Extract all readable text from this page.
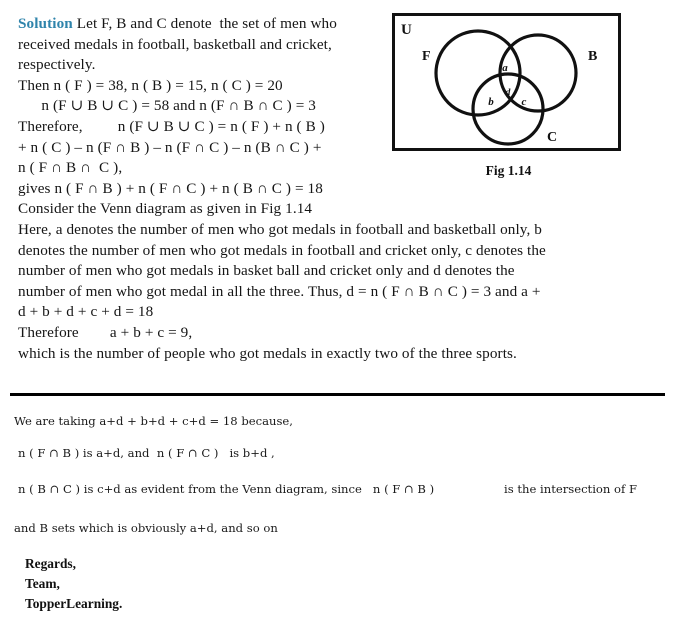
Solution Let F, B and C denote  the set of men who
received medals in football, basketball and cricket,
respectively.
Then n ( F ) = 38, n ( B ) = 15, n ( C ) = 20
n (F ∪ B ∪ C ) = 58 and n (F ∩ B ∩ C ) = 3
Therefore,         n (F ∪ B ∪ C ) = n ( F ) + n ( B )
+ n ( C ) – n (F ∩ B ) – n (F ∩ C ) – n (B ∩ C ) +
n ( F ∩ B ∩  C ),
gives n ( F ∩ B ) + n ( F ∩ C ) + n ( B ∩ C ) = 18
Consider the Venn diagram as given in Fig 1.14
Here, a denotes the number of men who got medals in football and basketball only, b
denotes the number of men who got medals in football and cricket only, c denotes the
number of men who got medals in basket ball and cricket only and d denotes the
number of men who got medal in all the three. Thus, d = n ( F ∩ B ∩ C ) = 3 and a +
d + b + d + c + d = 18
Therefore        a + b + c = 9,
which is the number of people who got medals in exactly two of the three sports.
U
F	B
C
a
b
d
c
Fig 1.14
We are taking a+d + b+d + c+d = 18 because,
n ( F ∩ B ) is a+d, and  n ( F ∩ C )   is b+d ,
n ( B ∩ C ) is c+d as evident from the Venn diagram, since   n ( F ∩ B )	is the intersection of F
and B sets which is obviously a+d, and so on
Regards,
Team,
TopperLearning.
